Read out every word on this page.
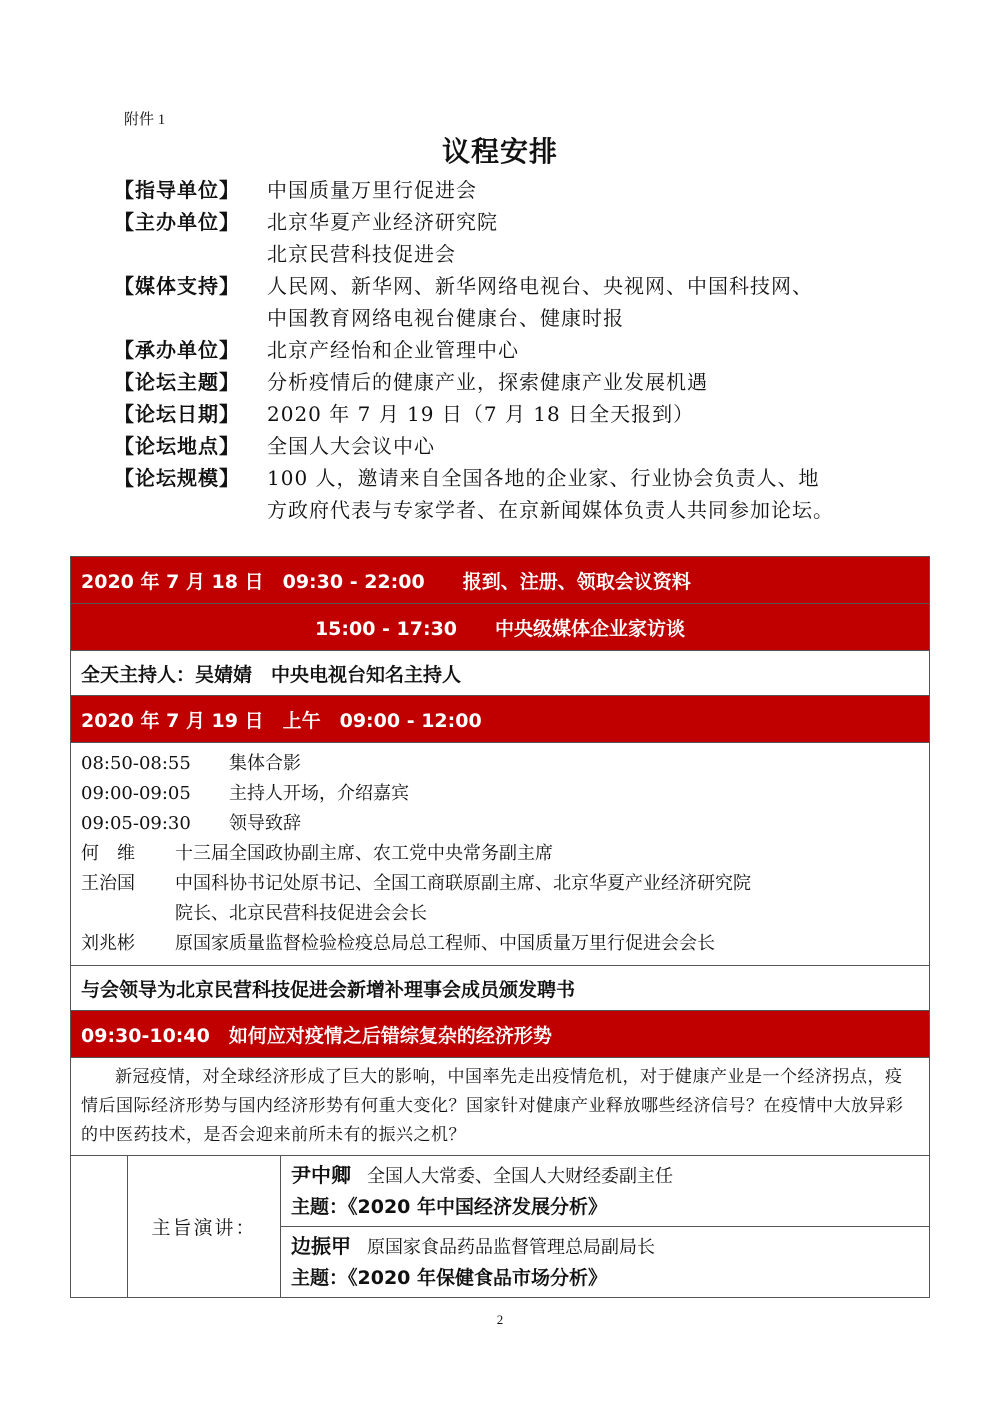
附件 1
议程安排
【指导单位】	中国质量万里行促进会
【主办单位】	北京华夏产业经济研究院
北京民营科技促进会
【媒体支持】	人民网、新华网、新华网络电视台、央视网、中国科技网、
中国教育网络电视台健康台、健康时报
【承办单位】	北京产经怡和企业管理中心
【论坛主题】	分析疫情后的健康产业，探索健康产业发展机遇
【论坛日期】	2020 年 7 月 19 日（7 月 18 日全天报到）
【论坛地点】	全国人大会议中心
【论坛规模】	100 人，邀请来自全国各地的企业家、行业协会负责人、地
方政府代表与专家学者、在京新闻媒体负责人共同参加论坛。
2020 年 7 月 18 日　09:30 - 22:00　　报到、注册、领取会议资料
15:00 - 17:30　　中央级媒体企业家访谈
全天主持人：吴婧婧　中央电视台知名主持人
2020 年 7 月 19 日　上午　09:00 - 12:00

08:50-08:55	集体合影
09:00-09:05	主持人开场，介绍嘉宾
09:05-09:30	领导致辞
何　维	十三届全国政协副主席、农工党中央常务副主席
王治国	中国科协书记处原书记、全国工商联原副主席、北京华夏产业经济研究院
院长、北京民营科技促进会会长
刘兆彬	原国家质量监督检验检疫总局总工程师、中国质量万里行促进会会长

与会领导为北京民营科技促进会新增补理事会成员颁发聘书
09:30-10:40　如何应对疫情之后错综复杂的经济形势
新冠疫情，对全球经济形成了巨大的影响，中国率先走出疫情危机，对于健康产业是一个经济拐点，疫情后国际经济形势与国内经济形势有何重大变化？国家针对健康产业释放哪些经济信号？在疫情中大放异彩的中医药技术，是否会迎来前所未有的振兴之机？
	主旨演讲：	
尹中卿 全国人大常委、全国人大财经委副主任
主题：《2020 年中国经济发展分析》

边振甲 原国家食品药品监督管理总局副局长
主题：《2020 年保健食品市场分析》
2
